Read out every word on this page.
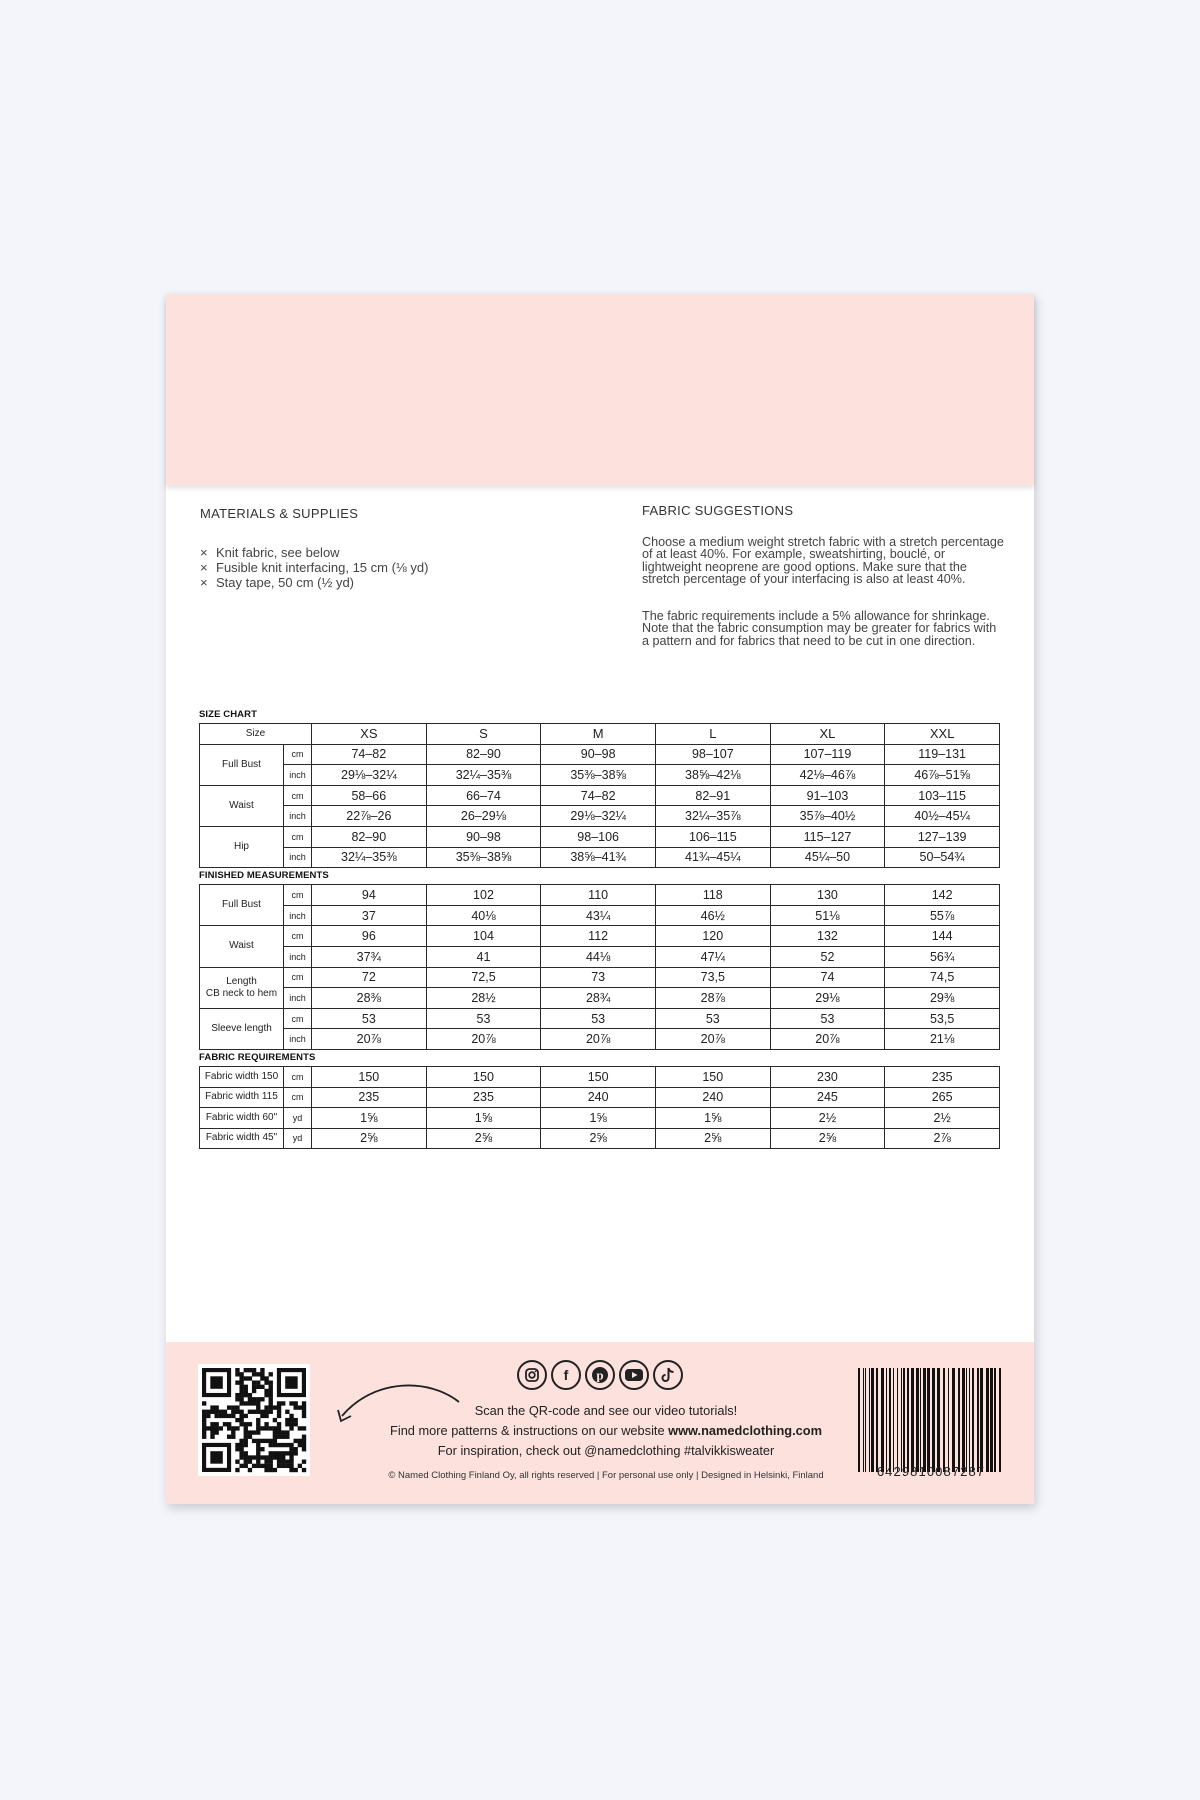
MATERIALS & SUPPLIES
× Knit fabric, see below
× Fusible knit interfacing, 15 cm (⅛ yd)
× Stay tape, 50 cm (½ yd)
FABRIC SUGGESTIONS

Choose a medium weight stretch fabric with a stretch percentage of at least 40%. For example, sweatshirting, bouclé, or lightweight neoprene are good options. Make sure that the stretch percentage of your interfacing is also at least 40%.

The fabric requirements include a 5% allowance for shrinkage. Note that the fabric consumption may be greater for fabrics with a pattern and for fabrics that need to be cut in one direction.

SIZE CHART
Size		XS	S	M	L	XL	XXL

Full Bust	cm	74–82	82–90	90–98	98–107	107–119	119–131
	inch	29⅛–32¼	32¼–35⅜	35⅜–38⅝	38⅝–42⅛	42⅛–46⅞	46⅞–51⅝

Waist	cm	58–66	66–74	74–82	82–91	91–103	103–115
	inch	22⅞–26	26–29⅛	29⅛–32¼	32¼–35⅞	35⅞–40½	40½–45¼

Hip	cm	82–90	90–98	98–106	106–115	115–127	127–139
	inch	32¼–35⅜	35⅜–38⅝	38⅝–41¾	41¾–45¼	45¼–50	50–54¾
FINISHED MEASUREMENTS
Full Bust	cm	94	102	110	118	130	142
	inch	37	40⅛	43¼	46½	51⅛	55⅞

Waist	cm	96	104	112	120	132	144
	inch	37¾	41	44⅛	47¼	52	56¾

Length
CB neck to hem	cm	72	72,5	73	73,5	74	74,5
	inch	28⅜	28½	28¾	28⅞	29⅛	29⅜

Sleeve length	cm	53	53	53	53	53	53,5
	inch	20⅞	20⅞	20⅞	20⅞	20⅞	21⅛
FABRIC REQUIREMENTS
Fabric width 150	cm	150	150	150	150	230	235
Fabric width 115	cm	235	235	240	240	245	265
Fabric width 60"	yd	1⅝	1⅝	1⅝	1⅝	2½	2½
Fabric width 45"	yd	2⅝	2⅝	2⅝	2⅝	2⅝	2⅞
f	p
Scan the QR-code and see our video tutorials!
Find more patterns & instructions on our website www.namedclothing.com
For inspiration, check out @namedclothing #talvikkisweater
© Named Clothing Finland Oy, all rights reserved | For personal use only | Designed in Helsinki, Finland	6429810087287
